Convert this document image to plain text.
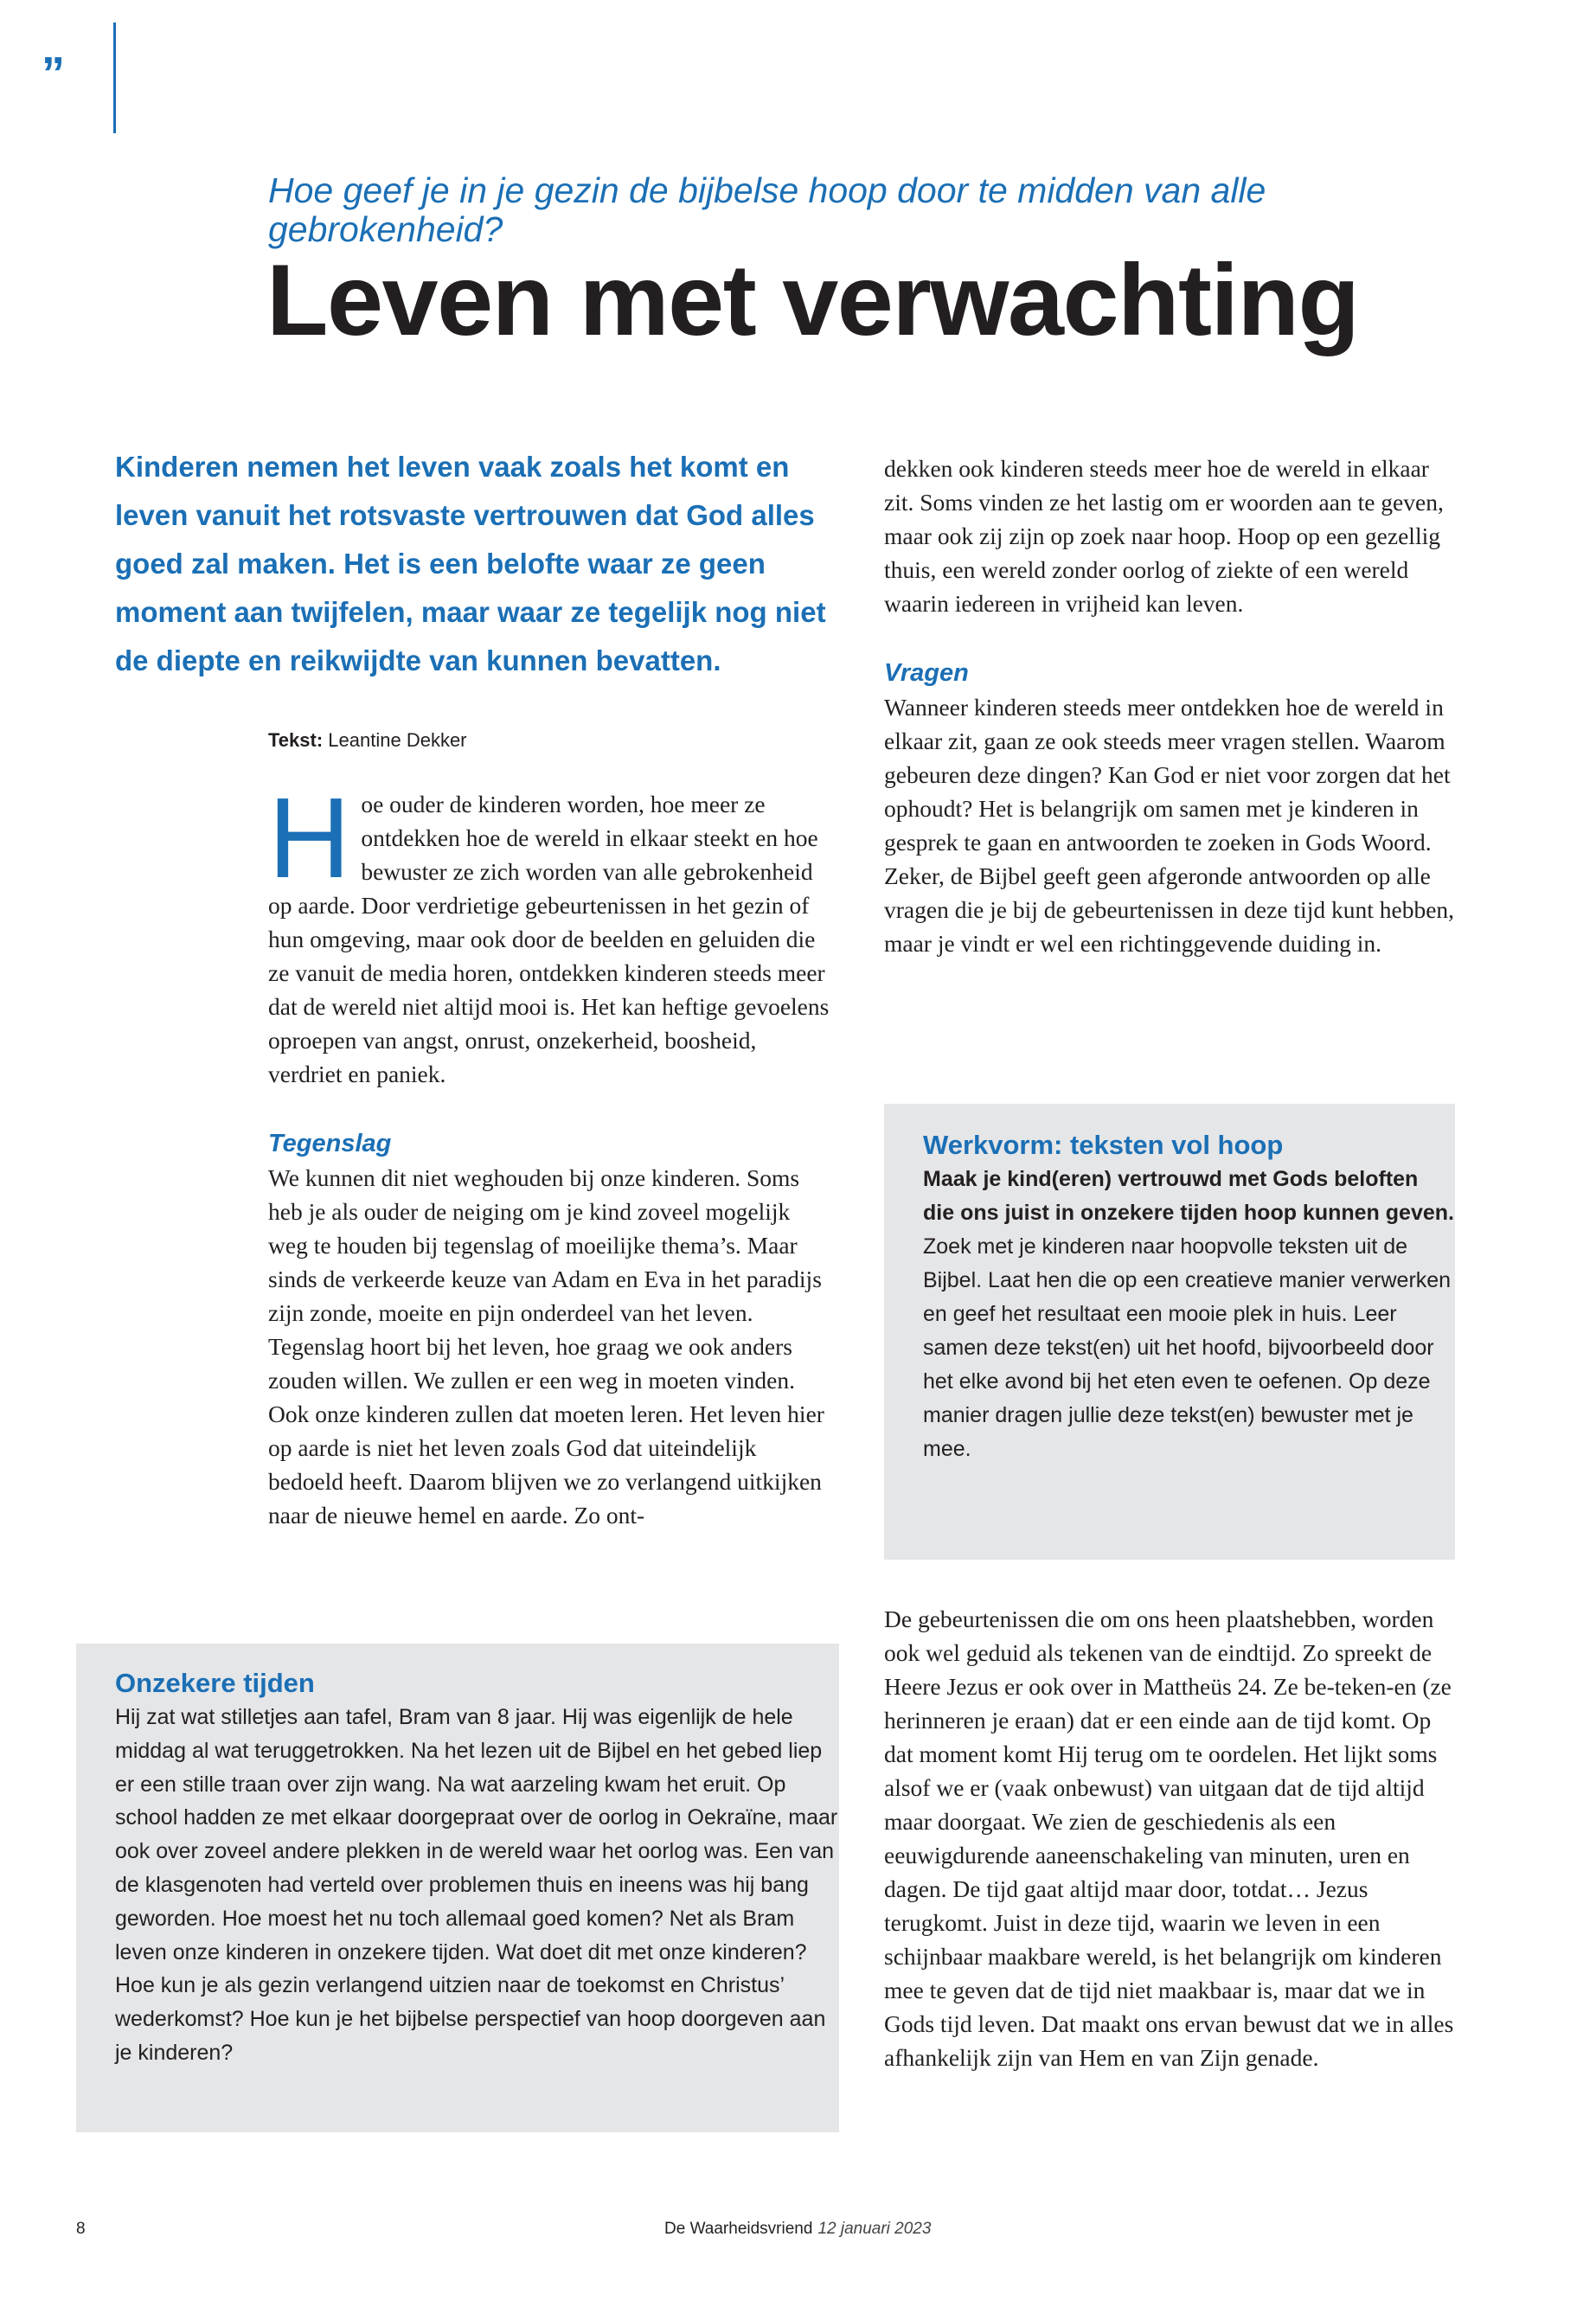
”
Hoe geef je in je gezin de bijbelse hoop door te midden van alle gebrokenheid?
Leven met verwachting
Kinderen nemen het leven vaak zoals het komt en leven vanuit het rotsvaste vertrouwen dat God alles goed zal maken. Het is een belofte waar ze geen moment aan twijfelen, maar waar ze tegelijk nog niet de diepte en reikwijdte van kunnen bevatten.
Tekst: Leantine Dekker

Hoe ouder de kinderen worden, hoe meer ze ontdekken hoe de wereld in elkaar steekt en hoe bewuster ze zich worden van alle gebrokenheid op aarde. Door verdrietige gebeurtenissen in het gezin of hun omgeving, maar ook door de beelden en geluiden die ze vanuit de media horen, ontdekken kinderen steeds meer dat de wereld niet altijd mooi is. Het kan heftige gevoelens oproepen van angst, onrust, onzekerheid, boosheid, verdriet en paniek.

Tegenslag

We kunnen dit niet weghouden bij onze kinderen. Soms heb je als ouder de neiging om je kind zoveel mogelijk weg te houden bij tegenslag of moeilijke thema’s. Maar sinds de verkeerde keuze van Adam en Eva in het paradijs zijn zonde, moeite en pijn onderdeel van het leven. Tegenslag hoort bij het leven, hoe graag we ook anders zouden willen. We zullen er een weg in moeten vinden. Ook onze kinderen zullen dat moeten leren. Het leven hier op aarde is niet het leven zoals God dat uiteindelijk bedoeld heeft. Daarom blijven we zo verlangend uitkijken naar de nieuwe hemel en aarde. Zo ont-

dekken ook kinderen steeds meer hoe de wereld in elkaar zit. Soms vinden ze het lastig om er woorden aan te geven, maar ook zij zijn op zoek naar hoop. Hoop op een gezellig thuis, een wereld zonder oorlog of ziekte of een wereld waarin iedereen in vrijheid kan leven.

Vragen

Wanneer kinderen steeds meer ontdekken hoe de wereld in elkaar zit, gaan ze ook steeds meer vragen stellen. Waarom gebeuren deze dingen? Kan God er niet voor zorgen dat het ophoudt? Het is belangrijk om samen met je kinderen in gesprek te gaan en antwoorden te zoeken in Gods Woord. Zeker, de Bijbel geeft geen afgeronde antwoorden op alle vragen die je bij de gebeurtenissen in deze tijd kunt hebben, maar je vindt er wel een richtinggevende duiding in.

Werkvorm: teksten vol hoop
Maak je kind(eren) vertrouwd met Gods beloften die ons juist in onzekere tijden hoop kunnen geven.
Zoek met je kinderen naar hoopvolle teksten uit de Bijbel. Laat hen die op een creatieve manier verwerken en geef het resultaat een mooie plek in huis. Leer samen deze tekst(en) uit het hoofd, bijvoorbeeld door het elke avond bij het eten even te oefenen. Op deze manier dragen jullie deze tekst(en) bewuster met je mee.
Onzekere tijden
Hij zat wat stilletjes aan tafel, Bram van 8 jaar. Hij was eigenlijk de hele middag al wat teruggetrokken. Na het lezen uit de Bijbel en het gebed liep er een stille traan over zijn wang. Na wat aarzeling kwam het eruit. Op school hadden ze met elkaar doorgepraat over de oorlog in Oekraïne, maar ook over zoveel andere plekken in de wereld waar het oorlog was. Een van de klasgenoten had verteld over problemen thuis en ineens was hij bang geworden. Hoe moest het nu toch allemaal goed komen? Net als Bram leven onze kinderen in onzekere tijden. Wat doet dit met onze kinderen? Hoe kun je als gezin verlangend uitzien naar de toekomst en Christus’ wederkomst? Hoe kun je het bijbelse perspectief van hoop doorgeven aan je kinderen?

De gebeurtenissen die om ons heen plaatshebben, worden ook wel geduid als tekenen van de eindtijd. Zo spreekt de Heere Jezus er ook over in Mattheüs 24. Ze be-teken-en (ze herinneren je eraan) dat er een einde aan de tijd komt. Op dat moment komt Hij terug om te oordelen. Het lijkt soms alsof we er (vaak onbewust) van uitgaan dat de tijd altijd maar doorgaat. We zien de geschiedenis als een eeuwigdurende aaneenschakeling van minuten, uren en dagen. De tijd gaat altijd maar door, totdat… Jezus terugkomt. Juist in deze tijd, waarin we leven in een schijnbaar maakbare wereld, is het belangrijk om kinderen mee te geven dat de tijd niet maakbaar is, maar dat we in Gods tijd leven. Dat maakt ons ervan bewust dat we in alles afhankelijk zijn van Hem en van Zijn genade.

8	De Waarheidsvriend 12 januari 2023
